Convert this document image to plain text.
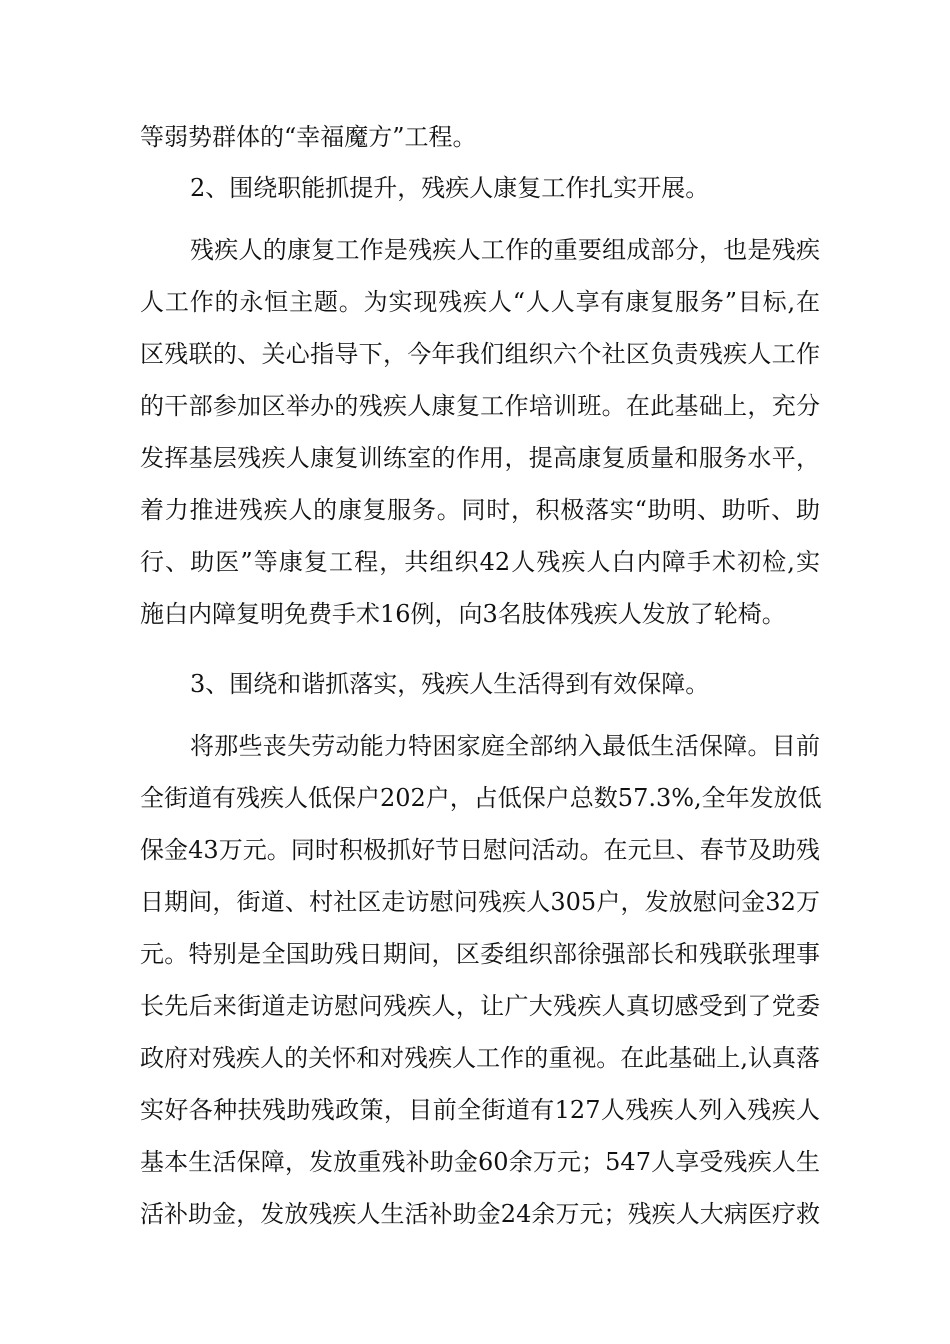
等弱势群体的“幸福魔方”工程。
2、围绕职能抓提升，残疾人康复工作扎实开展。
残疾人的康复工作是残疾人工作的重要组成部分，也是残疾
人工作的永恒主题。为实现残疾人“人人享有康复服务”目标,在
区残联的、关心指导下，今年我们组织六个社区负责残疾人工作
的干部参加区举办的残疾人康复工作培训班。在此基础上，充分
发挥基层残疾人康复训练室的作用，提高康复质量和服务水平，
着力推进残疾人的康复服务。同时，积极落实“助明、助听、助
行、助医”等康复工程，共组织42人残疾人白内障手术初检,实
施白内障复明免费手术16例，向3名肢体残疾人发放了轮椅。
3、围绕和谐抓落实，残疾人生活得到有效保障。
将那些丧失劳动能力特困家庭全部纳入最低生活保障。目前
全街道有残疾人低保户202户，占低保户总数57.3%,全年发放低
保金43万元。同时积极抓好节日慰问活动。在元旦、春节及助残
日期间，街道、村社区走访慰问残疾人305户，发放慰问金32万
元。特别是全国助残日期间，区委组织部徐强部长和残联张理事
长先后来街道走访慰问残疾人，让广大残疾人真切感受到了党委
政府对残疾人的关怀和对残疾人工作的重视。在此基础上,认真落
实好各种扶残助残政策，目前全街道有127人残疾人列入残疾人
基本生活保障，发放重残补助金60余万元；547人享受残疾人生
活补助金，发放残疾人生活补助金24余万元；残疾人大病医疗救
